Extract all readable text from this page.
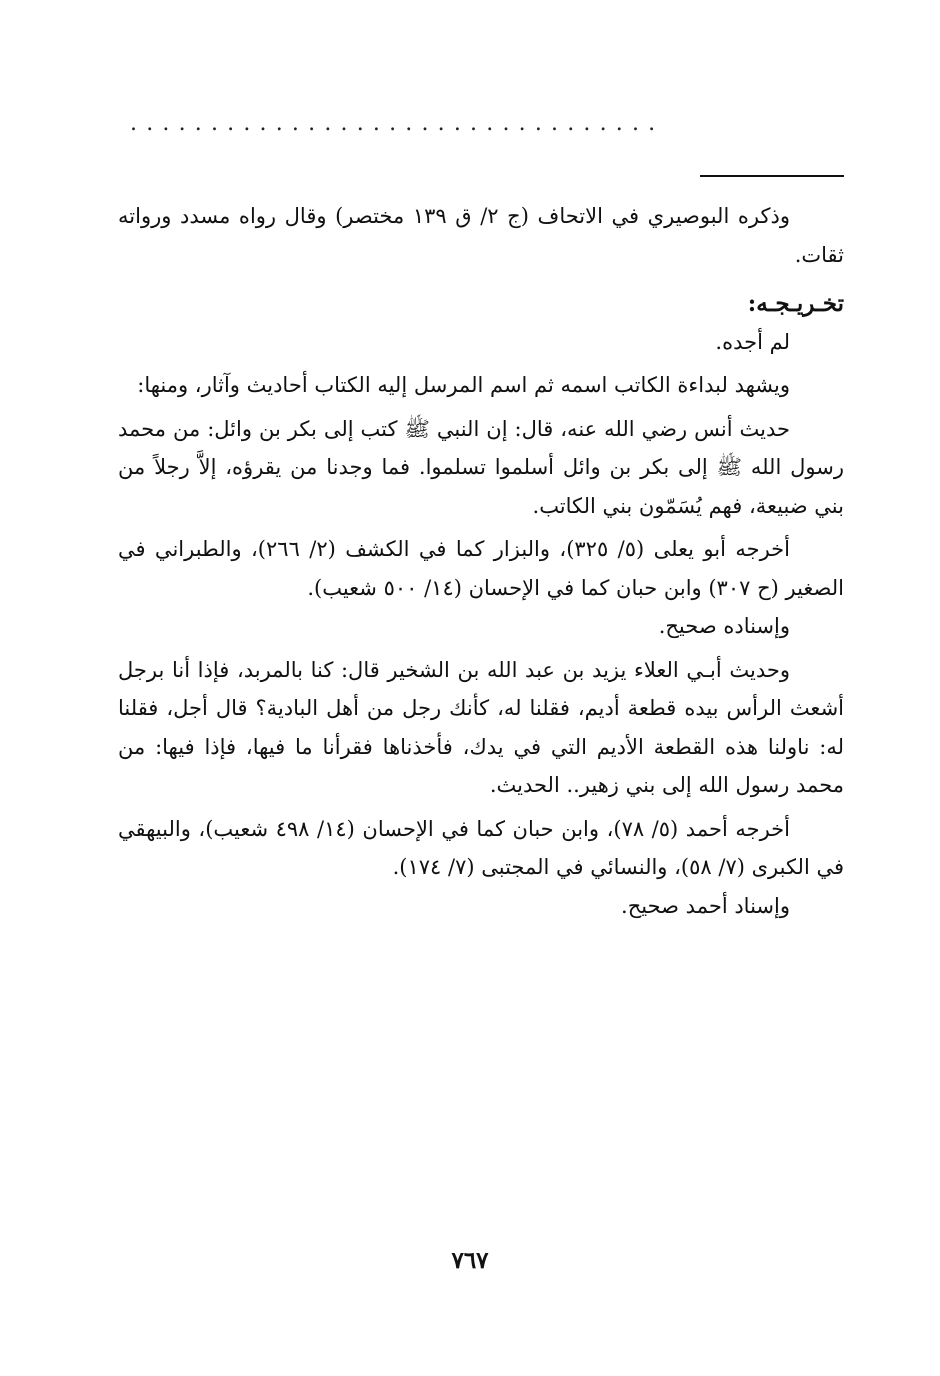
.................................

وذكره البوصيري في الاتحاف (ج ٢/ ق ١٣٩ مختصر) وقال رواه مسدد ورواته ثقات.

تخـريـجـه:

لم أجده.

ويشهد لبداءة الكاتب اسمه ثم اسم المرسل إليه الكتاب أحاديث وآثار، ومنها:

حديث أنس رضي الله عنه، قال: إن النبي ﷺ كتب إلى بكر بن وائل: من محمد رسول الله ﷺ إلى بكر بن وائل أسلموا تسلموا. فما وجدنا من يقرؤه، إلاَّ رجلاً من بني ضبيعة، فهم يُسَمّون بني الكاتب.

أخرجه أبو يعلى (٥/ ٣٢٥)، والبزار كما في الكشف (٢/ ٢٦٦)، والطبراني في الصغير (ح ٣٠٧) وابن حبان كما في الإحسان (١٤/ ٥٠٠ شعيب).

وإسناده صحيح.

وحديث أبـي العلاء يزيد بن عبد الله بن الشخير قال: كنا بالمربد، فإذا أنا برجل أشعث الرأس بيده قطعة أديم، فقلنا له، كأنك رجل من أهل البادية؟ قال أجل، فقلنا له: ناولنا هذه القطعة الأديم التي في يدك، فأخذناها فقرأنا ما فيها، فإذا فيها: من محمد رسول الله إلى بني زهير.. الحديث.

أخرجه أحمد (٥/ ٧٨)، وابن حبان كما في الإحسان (١٤/ ٤٩٨ شعيب)، والبيهقي في الكبرى (٧/ ٥٨)، والنسائي في المجتبى (٧/ ١٧٤).

وإسناد أحمد صحيح.

٧٦٧
